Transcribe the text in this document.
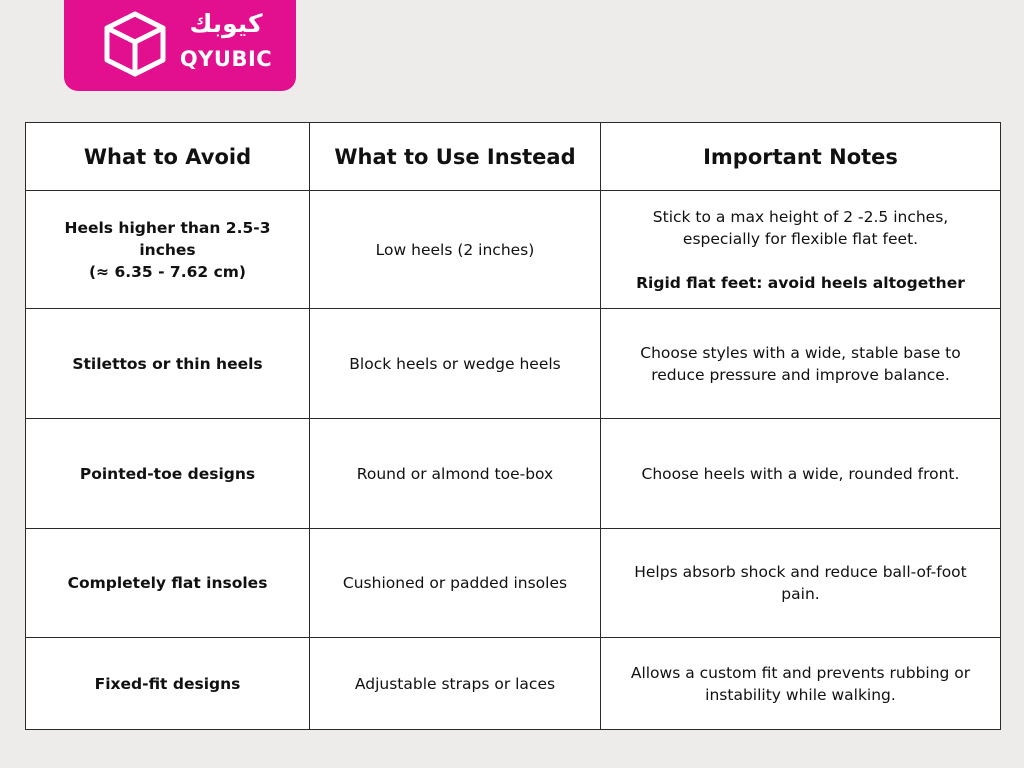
كيوبك
QYUBIC
What to Avoid	What to Use Instead	Important Notes

Heels higher than 2.5-3 inches
(≈ 6.35 - 7.62 cm)	Low heels (2 inches)	Stick to a max height of 2 -2.5 inches,
especially for flexible flat feet.
Rigid flat feet: avoid heels altogether

Stilettos or thin heels	Block heels or wedge heels	Choose styles with a wide, stable base to
reduce pressure and improve balance.

Pointed-toe designs	Round or almond toe-box	Choose heels with a wide, rounded front.

Completely flat insoles	Cushioned or padded insoles	Helps absorb shock and reduce ball-of-foot
pain.

Fixed-fit designs	Adjustable straps or laces	Allows a custom fit and prevents rubbing or
instability while walking.
